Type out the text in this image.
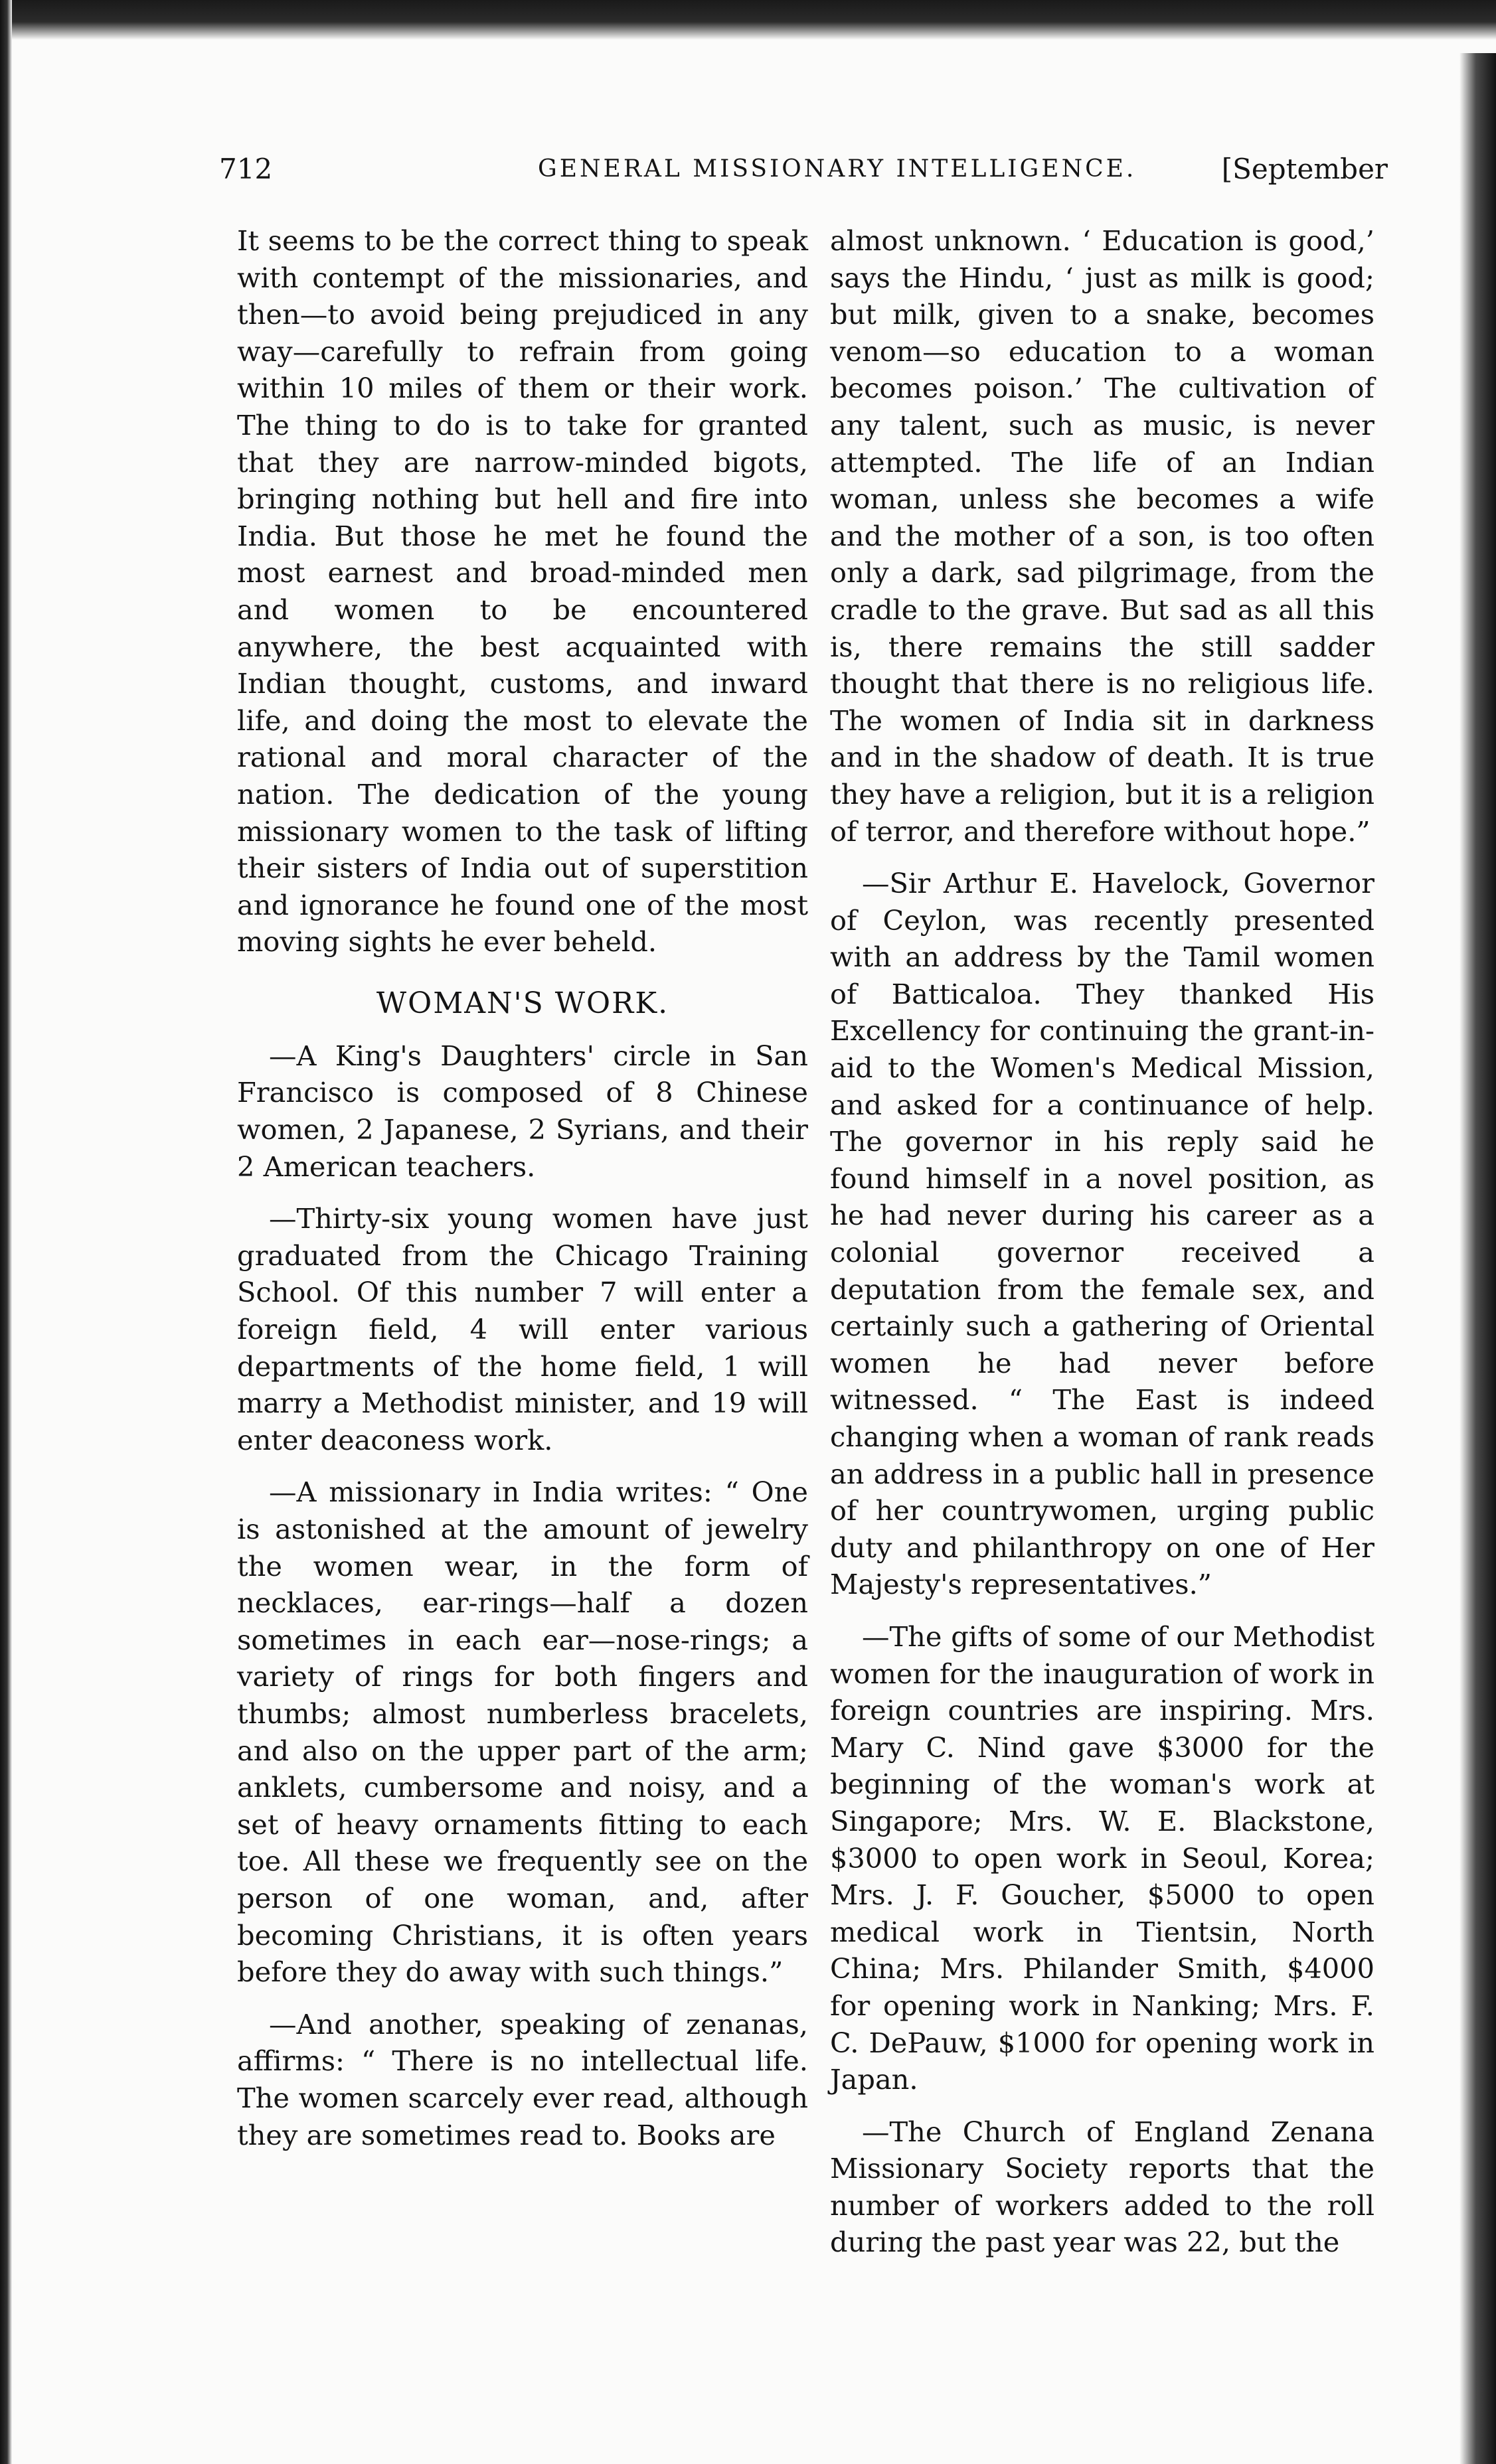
712	GENERAL MISSIONARY INTELLIGENCE.	[September

It seems to be the correct thing to speak with contempt of the missionaries, and then—to avoid being prejudiced in any way—carefully to refrain from going within 10 miles of them or their work. The thing to do is to take for granted that they are narrow-minded bigots, bringing nothing but hell and fire into India. But those he met he found the most earnest and broad-minded men and women to be encountered anywhere, the best acquainted with Indian thought, customs, and inward life, and doing the most to elevate the rational and moral character of the nation. The dedication of the young missionary women to the task of lifting their sisters of India out of superstition and ignorance he found one of the most moving sights he ever beheld.

WOMAN'S WORK.

—A King's Daughters' circle in San Francisco is composed of 8 Chinese women, 2 Japanese, 2 Syrians, and their 2 American teachers.

—Thirty-six young women have just graduated from the Chicago Training School. Of this number 7 will enter a foreign field, 4 will enter various departments of the home field, 1 will marry a Methodist minister, and 19 will enter deaconess work.

—A missionary in India writes: “ One is astonished at the amount of jewelry the women wear, in the form of necklaces, ear-rings—half a dozen sometimes in each ear—nose-rings; a variety of rings for both fingers and thumbs; almost numberless bracelets, and also on the upper part of the arm; anklets, cumbersome and noisy, and a set of heavy ornaments fitting to each toe. All these we frequently see on the person of one woman, and, after becoming Christians, it is often years before they do away with such things.”

—And another, speaking of zenanas, affirms: “ There is no intellectual life. The women scarcely ever read, although they are sometimes read to. Books are

almost unknown. ‘ Education is good,’ says the Hindu, ‘ just as milk is good; but milk, given to a snake, becomes venom—so education to a woman becomes poison.’ The cultivation of any talent, such as music, is never attempted. The life of an Indian woman, unless she becomes a wife and the mother of a son, is too often only a dark, sad pilgrimage, from the cradle to the grave. But sad as all this is, there remains the still sadder thought that there is no religious life. The women of India sit in darkness and in the shadow of death. It is true they have a religion, but it is a religion of terror, and therefore without hope.”

—Sir Arthur E. Havelock, Governor of Ceylon, was recently presented with an address by the Tamil women of Batticaloa. They thanked His Excellency for continuing the grant-in-aid to the Women's Medical Mission, and asked for a continuance of help. The governor in his reply said he found himself in a novel position, as he had never during his career as a colonial governor received a deputation from the female sex, and certainly such a gathering of Oriental women he had never before witnessed. “ The East is indeed changing when a woman of rank reads an address in a public hall in presence of her countrywomen, urging public duty and philanthropy on one of Her Majesty's representatives.”

—The gifts of some of our Methodist women for the inauguration of work in foreign countries are inspiring. Mrs. Mary C. Nind gave $3000 for the beginning of the woman's work at Singapore; Mrs. W. E. Blackstone, $3000 to open work in Seoul, Korea; Mrs. J. F. Goucher, $5000 to open medical work in Tientsin, North China; Mrs. Philander Smith, $4000 for opening work in Nanking; Mrs. F. C. DePauw, $1000 for opening work in Japan.

—The Church of England Zenana Missionary Society reports that the number of workers added to the roll during the past year was 22, but the
